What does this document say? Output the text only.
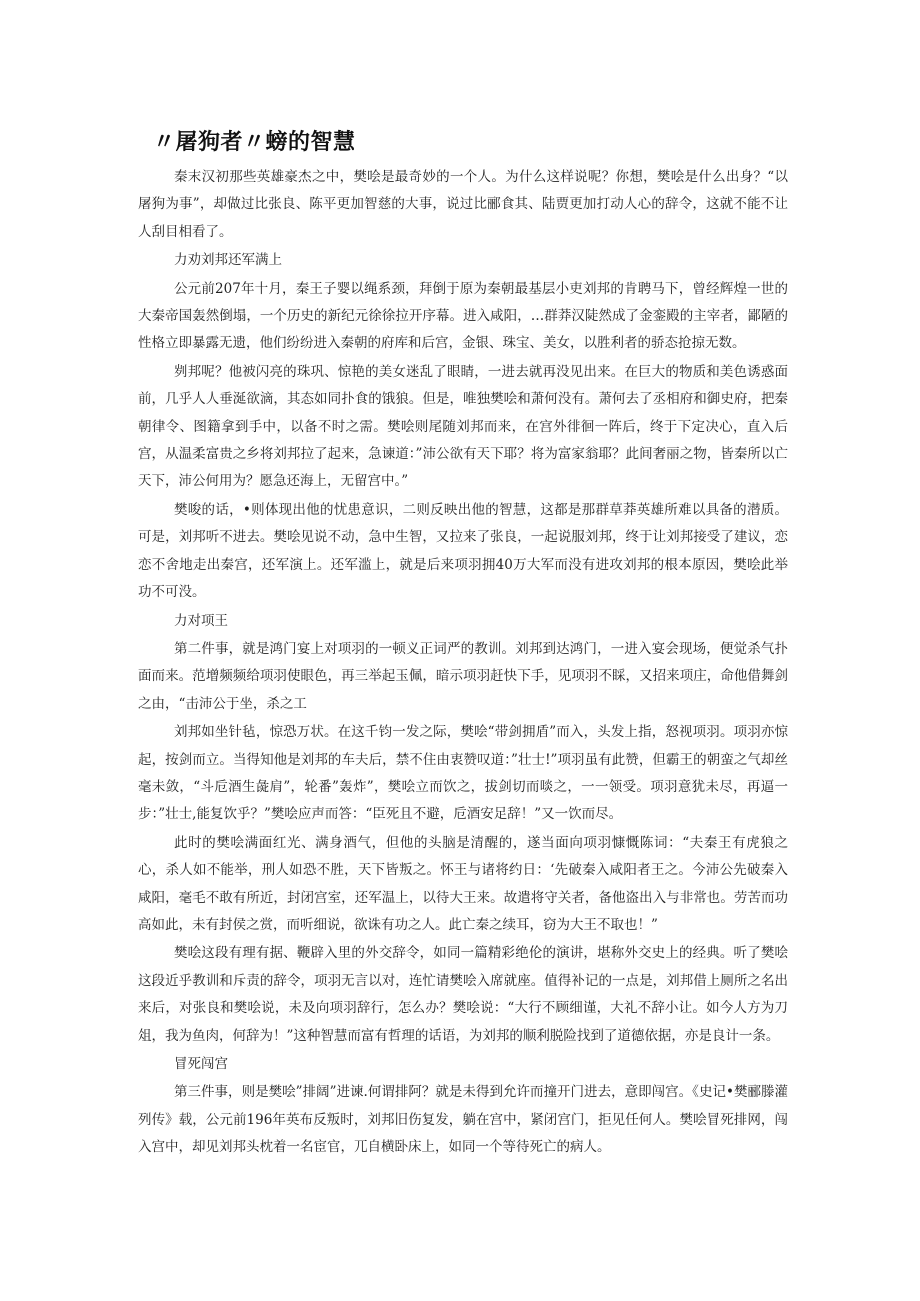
〃屠狗者〃螃的智慧

秦末汉初那些英雄豪杰之中，樊哙是最奇妙的一个人。为什么这样说呢？你想，樊哙是什么出身？“以屠狗为事”，却做过比张良、陈平更加智慈的大事，说过比郦食其、陆贾更加打动人心的辞令，这就不能不让人刮目相看了。

力劝刘邦还军满上

公元前207年十月，秦王子婴以绳系颈，拜倒于原为秦朝最基层小吏刘邦的肯聘马下，曾经辉煌一世的大秦帝国轰然倒塌，一个历史的新纪元徐徐拉开序幕。进入咸阳，…群莽汉陡然成了金銮殿的主宰者，鄙陋的性格立即暴露无遗，他们纷纷进入秦朝的府库和后宫，金银、珠宝、美女，以胜利者的骄态抢掠无数。

刿邦呢？他被闪亮的珠巩、惊艳的美女迷乱了眼睛，一进去就再没见出来。在巨大的物质和美色诱惑面前，几乎人人垂涎欲滴，其态如同扑食的饿狼。但是，唯独樊哙和萧何没有。萧何去了丞相府和御史府，把秦朝律令、图籍拿到手中，以备不时之需。樊哙则尾随刘邦而来，在宫外徘徊一阵后，终于下定决心，直入后宫，从温柔富贵之乡将刘邦拉了起来，急谏道：”沛公欲有天下耶？将为富家翁耶？此间奢丽之物，皆秦所以亡天下，沛公何用为？愿急还海上，无留宫中。”

樊唆的话，•则体现出他的忧患意识，二则反映出他的智慧，这都是那群草莽英雄所难以具备的潜质。可是，刘邦听不进去。樊哙见说不动，急中生智，又拉来了张良，一起说服刘邦，终于让刘邦接受了建议，恋恋不舍地走出秦宫，还军演上。还军滥上，就是后来项羽拥40万大军而没有进攻刘邦的根本原因，樊哙此举功不可没。

力对项王

第二件事，就是鸿门宴上对项羽的一顿义正词严的教训。刘邦到达鸿门，一进入宴会现场，便觉杀气扑面而来。范增频频给项羽使眼色，再三举起玉佩，暗示项羽赶快下手，见项羽不睬，又招来项庄，命他借舞剑之由，“击沛公于坐，杀之工

刘邦如坐针毡，惊恐万状。在这千钧一发之际，樊哙“带剑拥盾”而入，头发上指，怒视项羽。项羽亦惊起，按剑而立。当得知他是刘邦的车夫后，禁不住由衷赞叹道：”壮士!”项羽虽有此赞，但霸王的朝蛮之气却丝毫未敛，“斗卮酒生彘肩”，轮番”轰炸”，樊哙立而饮之，拔剑切而啖之，一一领受。项羽意犹未尽，再逼一步：”壮士,能复饮乎？”樊哙应声而答：“臣死且不避，卮酒安足辞！”又一饮而尽。

此时的樊哙满面红光、满身酒气，但他的头脑是清醒的，遂当面向项羽慷慨陈词：“夫秦王有虎狼之心，杀人如不能举，刑人如恐不胜，天下皆叛之。怀王与诸将约日：‘先破秦入咸阳者王之。今沛公先破秦入咸阳，毫毛不敢有所近，封闭宫室，还军温上，以待大王来。故遣将守关者，备他盗出入与非常也。劳苦而功高如此，未有封侯之赏，而听细说，欲诛有功之人。此亡秦之续耳，窃为大王不取也！”

樊哙这段有理有据、鞭辟入里的外交辞令，如同一篇精彩绝伦的演讲，堪称外交史上的经典。听了樊哙这段近乎教训和斥责的辞令，项羽无言以对，连忙请樊哙入席就座。值得补记的一点是，刘邦借上厕所之名出来后，对张良和樊哙说，未及向项羽辞行，怎么办？樊哙说：“大行不顾细谨，大礼不辞小让。如今人方为刀俎，我为鱼肉，何辞为！”这种智慧而富有哲理的话语，为刘邦的顺利脱险找到了道德依据，亦是良计一条。

冒死闯宫

第三件事，则是樊哙”排阔”进谏.何谓排阿？就是未得到允许而撞开门进去，意即闯宫。《史记•樊郦滕灌列传》载，公元前196年英布反叛时，刘邦旧伤复发，躺在宫中，紧闭宫门，拒见任何人。樊哙冒死排网，闯入宫中，却见刘邦头枕着一名宦官，兀自横卧床上，如同一个等待死亡的病人。
